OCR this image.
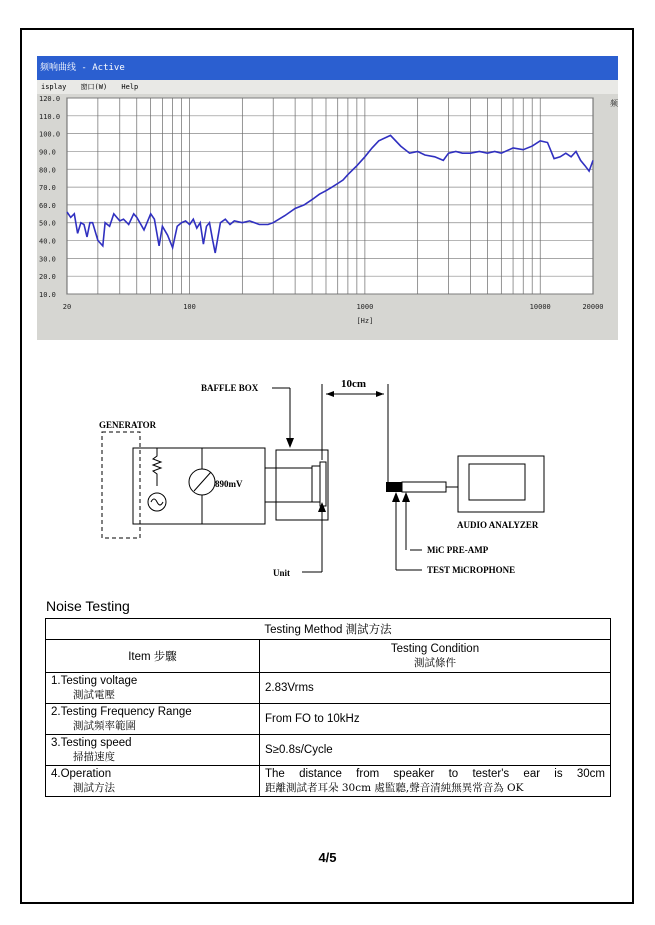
频响曲线 - Active
isplay 窗口(W) Help
120.0
110.0
100.0
90.0
80.0
70.0
60.0
50.0
40.0
30.0
20.0
10.0
20	100	1000	10000	20000
[Hz]
频
GENERATOR
890mV
BAFFLE BOX	10cm
Unit
AUDIO ANALYZER
MiC PRE-AMP
TEST MiCROPHONE
Noise Testing
Testing Method 測試方法	
Item 步驟	Testing Condition
測試條件

1.Testing voltage
測試電壓	2.83Vrms
2.Testing Frequency Range
測試頻率範圍	From FO to 10kHz
3.Testing speed
掃描速度	S≥0.8s/Cycle
4.Operation
測試方法	The distance from speaker to tester's ear is 30cm
距離測試者耳朵 30cm 處監聽,聲音清純無異常音為 OK
4/5
